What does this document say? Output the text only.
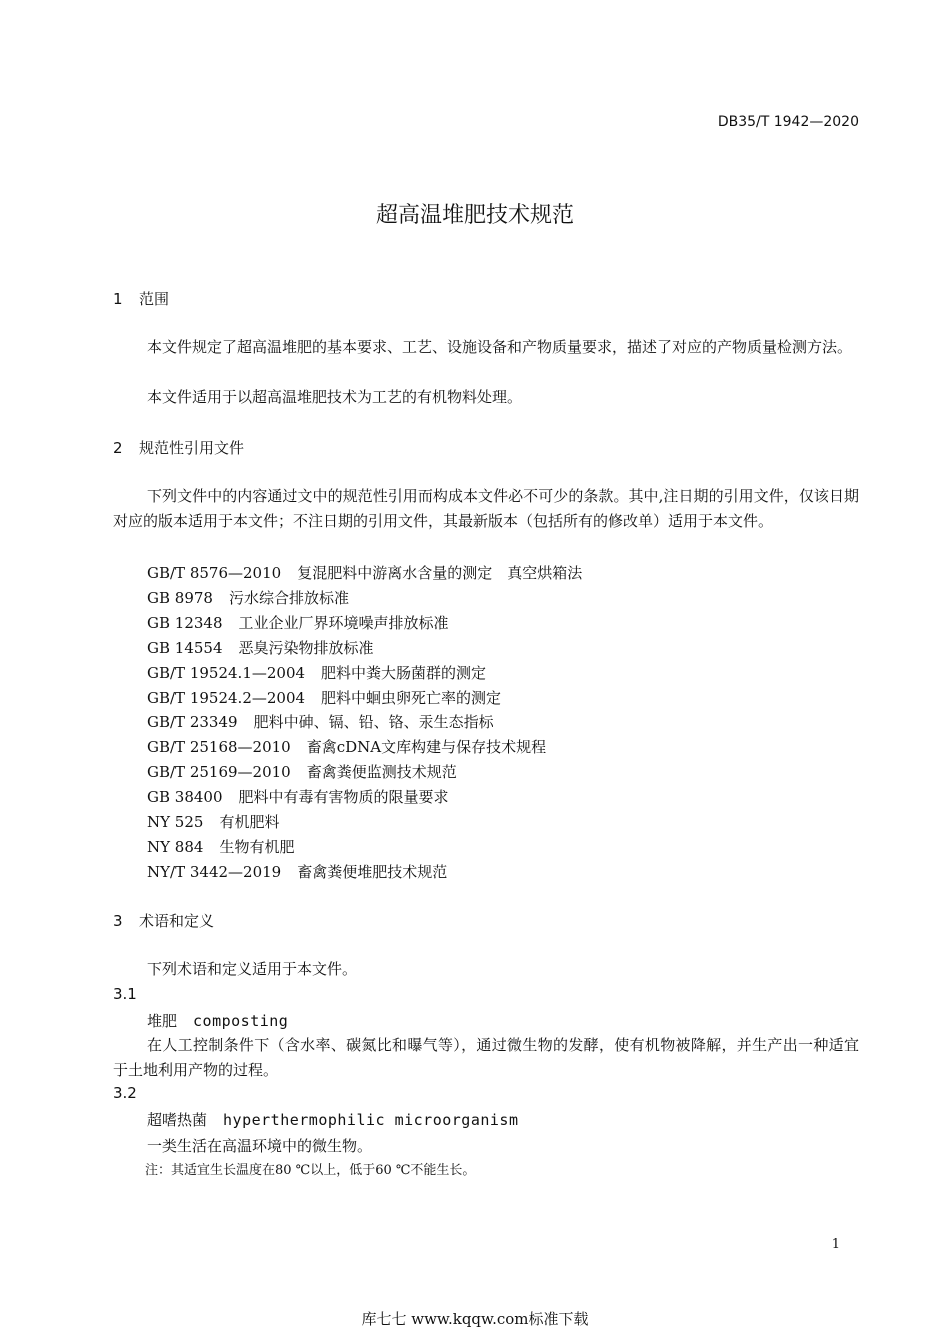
DB35/T 1942—2020
超高温堆肥技术规范
1 范围
本文件规定了超高温堆肥的基本要求、工艺、设施设备和产物质量要求，描述了对应的产物质量检测方法。
本文件适用于以超高温堆肥技术为工艺的有机物料处理。
2 规范性引用文件
下列文件中的内容通过文中的规范性引用而构成本文件必不可少的条款。其中,注日期的引用文件，仅该日期对应的版本适用于本文件；不注日期的引用文件，其最新版本（包括所有的修改单）适用于本文件。
GB/T 8576—2010 复混肥料中游离水含量的测定　真空烘箱法
GB 8978 污水综合排放标准
GB 12348 工业企业厂界环境噪声排放标准
GB 14554 恶臭污染物排放标准
GB/T 19524.1—2004 肥料中粪大肠菌群的测定
GB/T 19524.2—2004 肥料中蛔虫卵死亡率的测定
GB/T 23349 肥料中砷、镉、铅、铬、汞生态指标
GB/T 25168—2010 畜禽cDNA文库构建与保存技术规程
GB/T 25169—2010 畜禽粪便监测技术规范
GB 38400 肥料中有毒有害物质的限量要求
NY 525 有机肥料
NY 884 生物有机肥
NY/T 3442—2019 畜禽粪便堆肥技术规范
3 术语和定义
下列术语和定义适用于本文件。
3.1
堆肥 composting
在人工控制条件下（含水率、碳氮比和曝气等），通过微生物的发酵，使有机物被降解，并生产出一种适宜于土地利用产物的过程。
3.2
超嗜热菌 hyperthermophilic microorganism
一类生活在高温环境中的微生物。
注：其适宜生长温度在80 ℃以上，低于60 ℃不能生长。
1
库七七 www.kqqw.com标准下载
